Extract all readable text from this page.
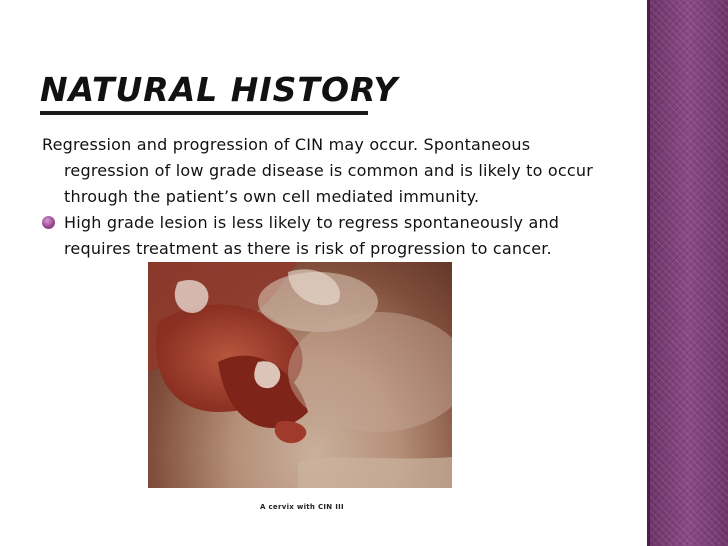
NATURAL HISTORY

Regression and progression of CIN may occur. Spontaneous regression of low grade disease is common and is likely to occur through the patient’s own cell mediated immunity.

High grade lesion is less likely to regress spontaneously and requires treatment as there is risk of progression to cancer.
A cervix with CIN III
